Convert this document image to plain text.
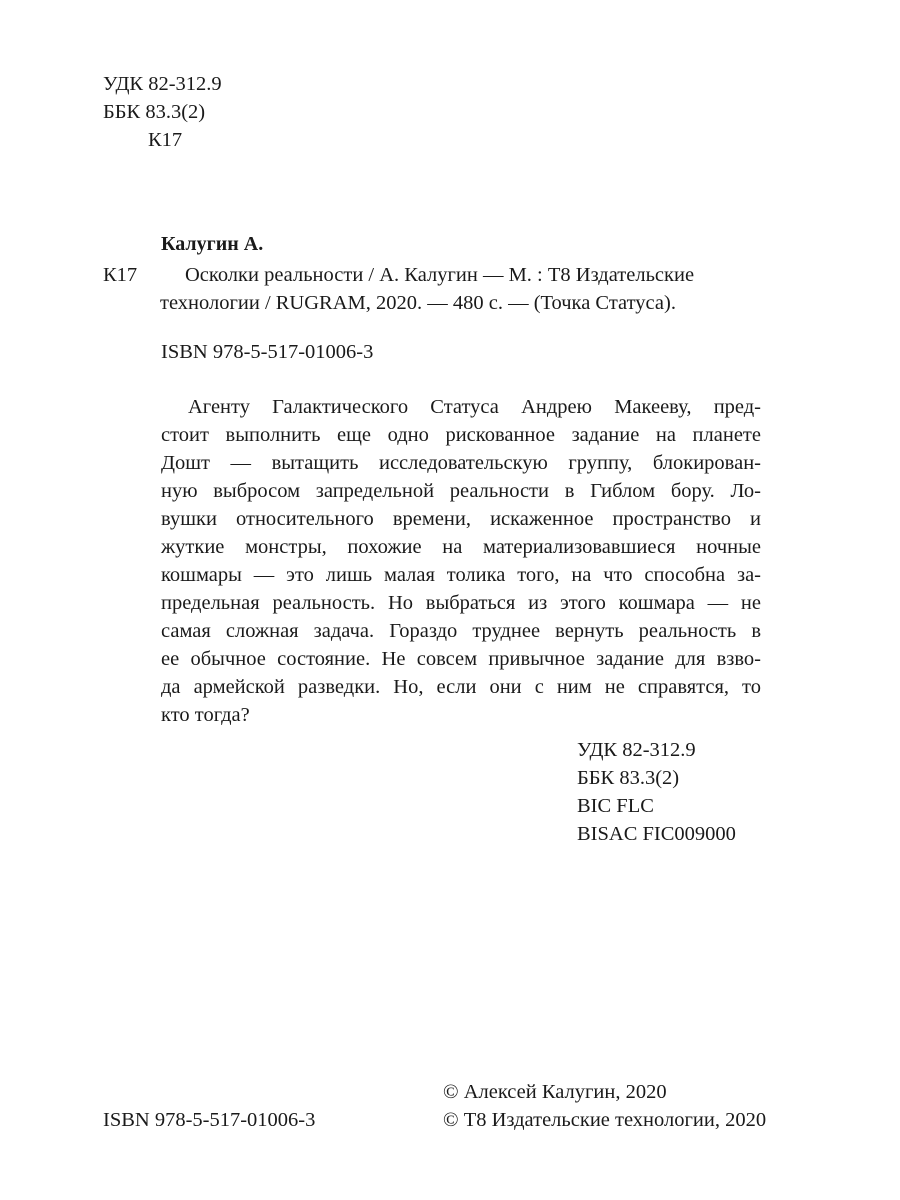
УДК 82-312.9
ББК 83.3(2)
К17
Калугин А.
К17 Осколки реальности / А. Калугин — М. : Т8 Издательские
технологии / RUGRAM, 2020. — 480 с. — (Точка Статуса).
ISBN 978-5-517-01006-3
Агенту Галактического Статуса Андрею Макееву, пред-
стоит выполнить еще одно рискованное задание на планете
Дошт — вытащить исследовательскую группу, блокирован-
ную выбросом запредельной реальности в Гиблом бору. Ло-
вушки относительного времени, искаженное пространство и
жуткие монстры, похожие на материализовавшиеся ночные
кошмары — это лишь малая толика того, на что способна за-
предельная реальность. Но выбраться из этого кошмара — не
самая сложная задача. Гораздо труднее вернуть реальность в
ее обычное состояние. Не совсем привычное задание для взво-
да армейской разведки. Но, если они с ним не справятся, то
кто тогда?
УДК 82-312.9
ББК 83.3(2)
BIC FLC
BISAC FIC009000
ISBN 978-5-517-01006-3
© Алексей Калугин, 2020
© Т8 Издательские технологии, 2020
